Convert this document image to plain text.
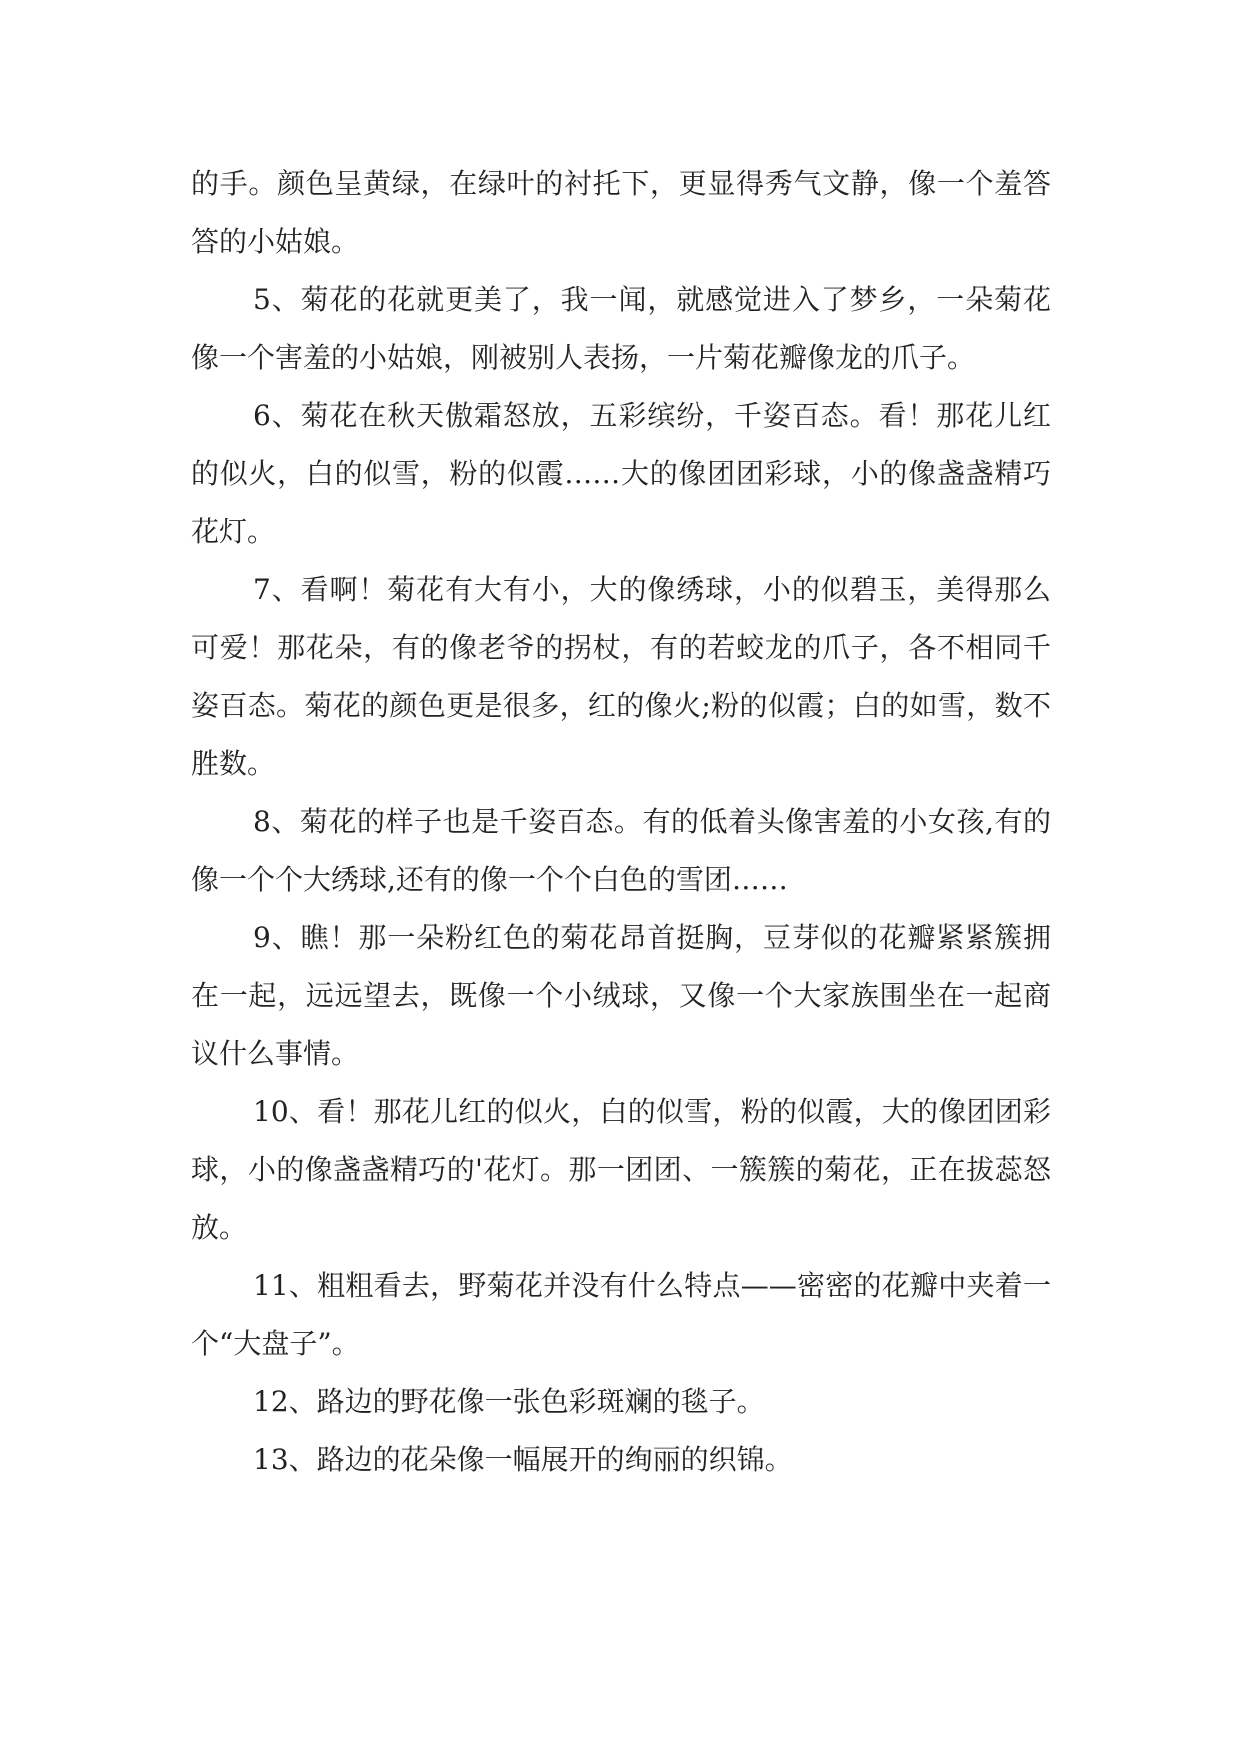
的手。颜色呈黄绿，在绿叶的衬托下，更显得秀气文静，像一个羞答答的小姑娘。

5、菊花的花就更美了，我一闻，就感觉进入了梦乡，一朵菊花像一个害羞的小姑娘，刚被别人表扬，一片菊花瓣像龙的爪子。

6、菊花在秋天傲霜怒放，五彩缤纷，千姿百态。看！那花儿红的似火，白的似雪，粉的似霞……大的像团团彩球，小的像盏盏精巧花灯。

7、看啊！菊花有大有小，大的像绣球，小的似碧玉，美得那么可爱！那花朵，有的像老爷的拐杖，有的若蛟龙的爪子，各不相同千姿百态。菊花的颜色更是很多，红的像火;粉的似霞；白的如雪，数不胜数。

8、菊花的样子也是千姿百态。有的低着头像害羞的小女孩,有的像一个个大绣球,还有的像一个个白色的雪团……

9、瞧！那一朵粉红色的菊花昂首挺胸，豆芽似的花瓣紧紧簇拥在一起，远远望去，既像一个小绒球，又像一个大家族围坐在一起商议什么事情。

10、看！那花儿红的似火，白的似雪，粉的似霞，大的像团团彩球，小的像盏盏精巧的'花灯。那一团团、一簇簇的菊花，正在拔蕊怒放。

11、粗粗看去，野菊花并没有什么特点——密密的花瓣中夹着一个“大盘子”。

12、路边的野花像一张色彩斑斓的毯子。

13、路边的花朵像一幅展开的绚丽的织锦。
